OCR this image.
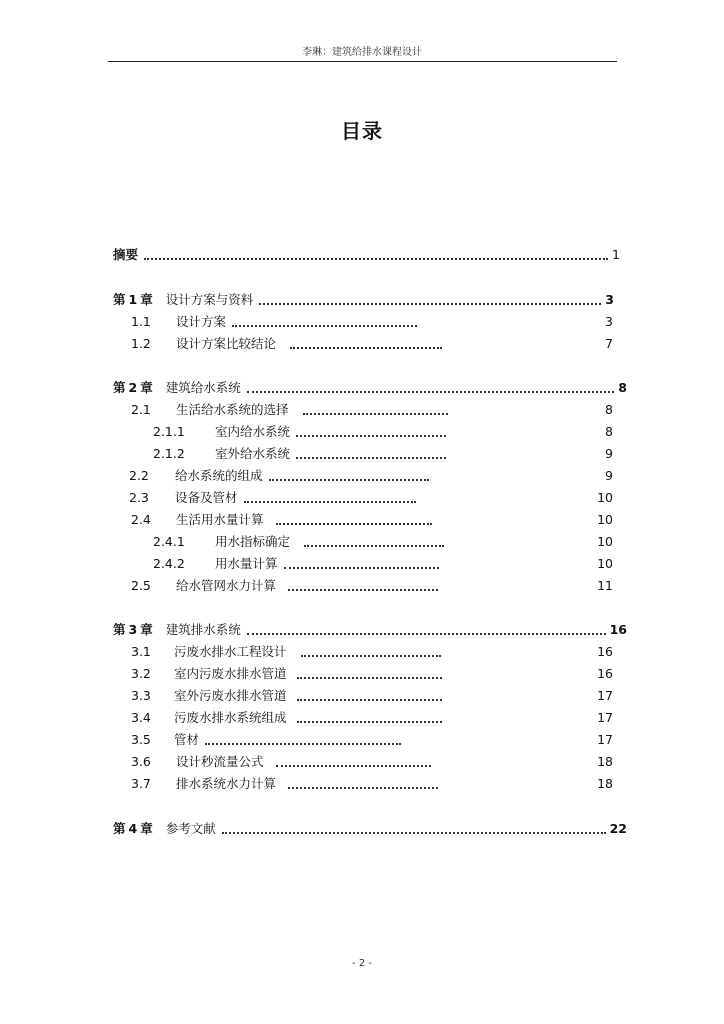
李琳：建筑给排水课程设计
目录
摘要	1
第 1 章 设计方案与资料	3
1.1	设计方案	3
1.2	设计方案比较结论	7
第 2 章 建筑给水系统	8
2.1	生活给水系统的选择	8
2.1.1	室内给水系统	8
2.1.2	室外给水系统	9
2.2	给水系统的组成	9
2.3	设备及管材	10
2.4	生活用水量计算	10
2.4.1	用水指标确定	10
2.4.2	用水量计算	10
2.5	给水管网水力计算	11
第 3 章 建筑排水系统	16
3.1	污废水排水工程设计	16
3.2	室内污废水排水管道	16
3.3	室外污废水排水管道	17
3.4	污废水排水系统组成	17
3.5	管材	17
3.6	设计秒流量公式	18
3.7	排水系统水力计算	18
第 4 章 参考文献	22
- 2 -
